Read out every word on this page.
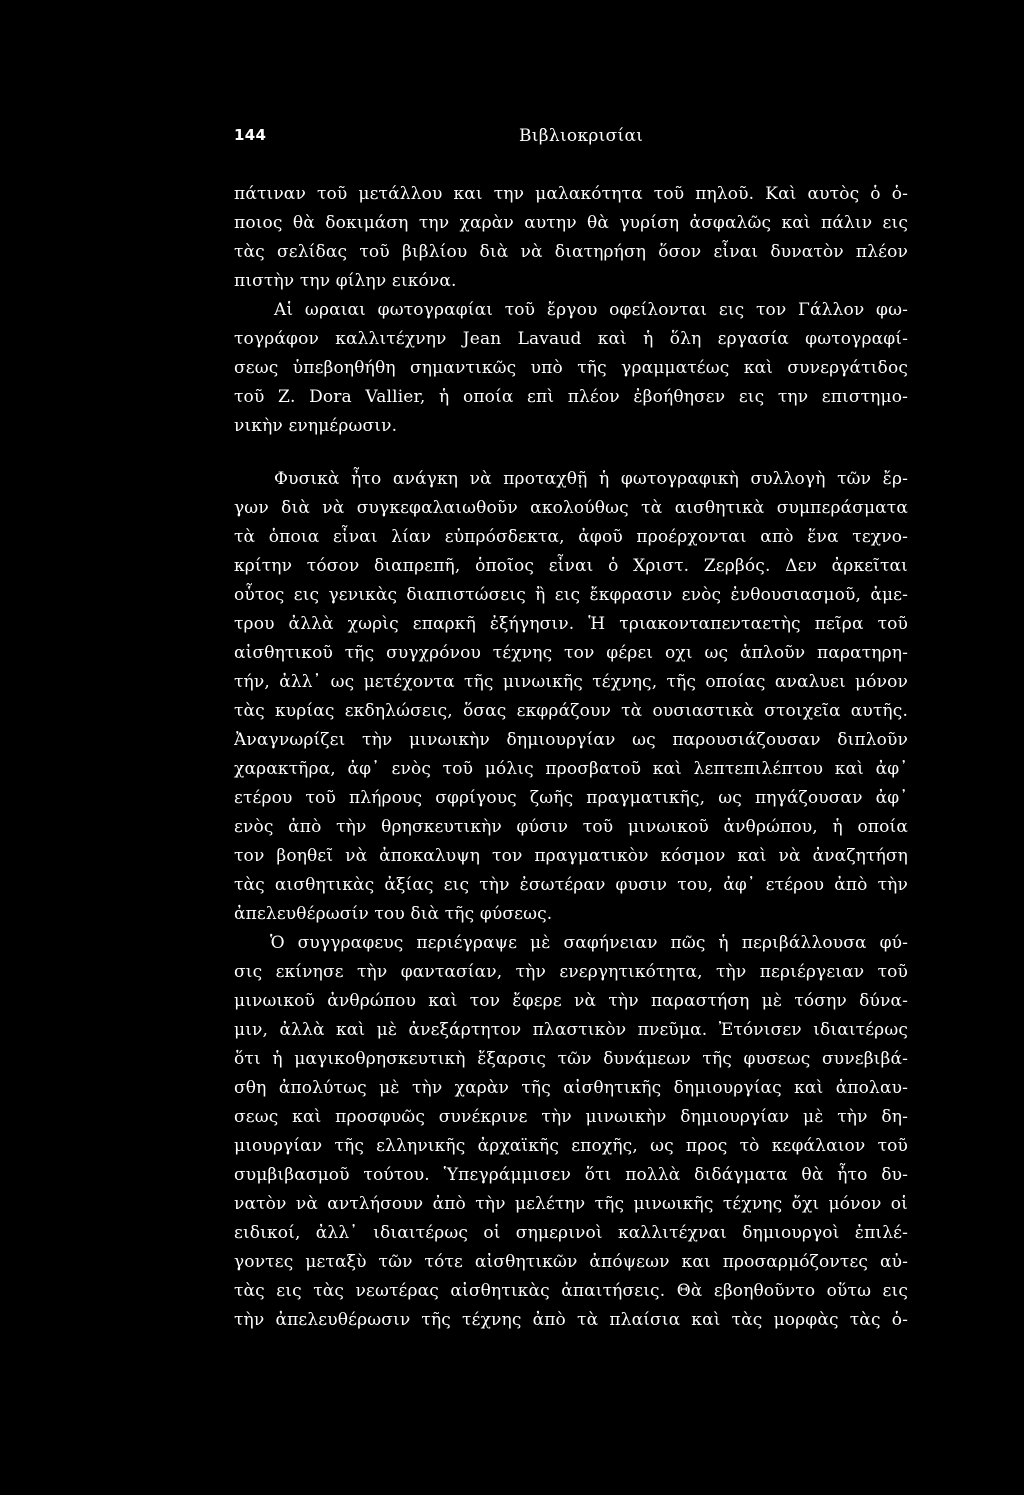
144	Βιβλιοκρισίαι
πάτιναν τοῦ μετάλλου και την μαλακότητα τοῦ πηλοῦ. Καὶ αυτὸς ὁ ὁ-
ποιος θὰ δοκιμάση την χαρὰν αυτην θὰ γυρίση ἀσφαλῶς καὶ πάλιν εις
τὰς σελίδας τοῦ βιβλίου διὰ νὰ διατηρήση ὅσον εἶναι δυνατὸν πλέον
πιστὴν την φίλην εικόνα.
Αἱ ωραιαι φωτογραφίαι τοῦ ἔργου οφείλονται εις τον Γάλλον φω-
τογράφον καλλιτέχνην Jean Lavaud καὶ ἡ ὅλη εργασία φωτογραφί-
σεως ὑπεβοηθήθη σημαντικῶς υπὸ τῆς γραμματέως καὶ συνεργάτιδος
τοῦ Ζ. Dora Vallier, ἡ οποία επὶ πλέον ἐβοήθησεν εις την επιστημο-
νικὴν ενημέρωσιν.
Φυσικὰ ἦτο ανάγκη νὰ προταχθῇ ἡ φωτογραφικὴ συλλογὴ τῶν ἔρ-
γων διὰ νὰ συγκεφαλαιωθοῦν ακολούθως τὰ αισθητικὰ συμπεράσματα
τὰ ὁποια εἶναι λίαν εὐπρόσδεκτα, ἀφοῦ προέρχονται απὸ ἕνα τεχνο-
κρίτην τόσον διαπρεπῆ, ὁποῖος εἶναι ὁ Χριστ. Ζερβός. Δεν ἀρκεῖται
οὗτος εις γενικὰς διαπιστώσεις ἢ εις ἔκφρασιν ενὸς ἐνθουσιασμοῦ, ἀμε-
τρου ἀλλὰ χωρὶς επαρκῆ ἐξήγησιν. Ἡ τριακονταπενταετὴς πεῖρα τοῦ
αἰσθητικοῦ τῆς συγχρόνου τέχνης τον φέρει οχι ως ἁπλοῦν παρατηρη-
τήν, ἀλλ᾽ ως μετέχοντα τῆς μινωικῆς τέχνης, τῆς οποίας αναλυει μόνον
τὰς κυρίας εκδηλώσεις, ὅσας εκφράζουν τὰ ουσιαστικὰ στοιχεῖα αυτῆς.
Ἀναγνωρίζει τὴν μινωικὴν δημιουργίαν ως παρουσιάζουσαν διπλοῦν
χαρακτῆρα, ἀφ᾽ ενὸς τοῦ μόλις προσβατοῦ καὶ λεπτεπιλέπτου καὶ ἀφ᾽
ετέρου τοῦ πλήρους σφρίγους ζωῆς πραγματικῆς, ως πηγάζουσαν ἀφ᾽
ενὸς ἀπὸ τὴν θρησκευτικὴν φύσιν τοῦ μινωικοῦ ἀνθρώπου, ἡ οποία
τον βοηθεῖ νὰ ἀποκαλυψη τον πραγματικὸν κόσμον καὶ νὰ ἀναζητήση
τὰς αισθητικὰς ἀξίας εις τὴν ἐσωτέραν φυσιν του, ἀφ᾽ ετέρου ἀπὸ τὴν
ἀπελευθέρωσίν του διὰ τῆς φύσεως.
Ὁ συγγραφευς περιέγραψε μὲ σαφήνειαν πῶς ἡ περιβάλλουσα φύ-
σις εκίνησε τὴν φαντασίαν, τὴν ενεργητικότητα, τὴν περιέργειαν τοῦ
μινωικοῦ ἀνθρώπου καὶ τον ἔφερε νὰ τὴν παραστήση μὲ τόσην δύνα-
μιν, ἀλλὰ καὶ μὲ ἀνεξάρτητον πλαστικὸν πνεῦμα. Ἐτόνισεν ιδιαιτέρως
ὅτι ἡ μαγικοθρησκευτικὴ ἔξαρσις τῶν δυνάμεων τῆς φυσεως συνεβιβά-
σθη ἀπολύτως μὲ τὴν χαρὰν τῆς αἰσθητικῆς δημιουργίας καὶ ἀπολαυ-
σεως καὶ προσφυῶς συνέκρινε τὴν μινωικὴν δημιουργίαν μὲ τὴν δη-
μιουργίαν τῆς ελληνικῆς ἀρχαϊκῆς εποχῆς, ως προς τὸ κεφάλαιον τοῦ
συμβιβασμοῦ τούτου. Ὑπεγράμμισεν ὅτι πολλὰ διδάγματα θὰ ἦτο δυ-
νατὸν νὰ αντλήσουν ἀπὸ τὴν μελέτην τῆς μινωικῆς τέχνης ὄχι μόνον οἱ
ειδικοί, ἀλλ᾽ ιδιαιτέρως οἱ σημερινοὶ καλλιτέχναι δημιουργοὶ ἐπιλέ-
γοντες μεταξὺ τῶν τότε αἰσθητικῶν ἀπόψεων και προσαρμόζοντες αὐ-
τὰς εις τὰς νεωτέρας αἰσθητικὰς ἀπαιτήσεις. Θὰ εβοηθοῦντο οὕτω εις
τὴν ἀπελευθέρωσιν τῆς τέχνης ἀπὸ τὰ πλαίσια καὶ τὰς μορφὰς τὰς ὁ-
